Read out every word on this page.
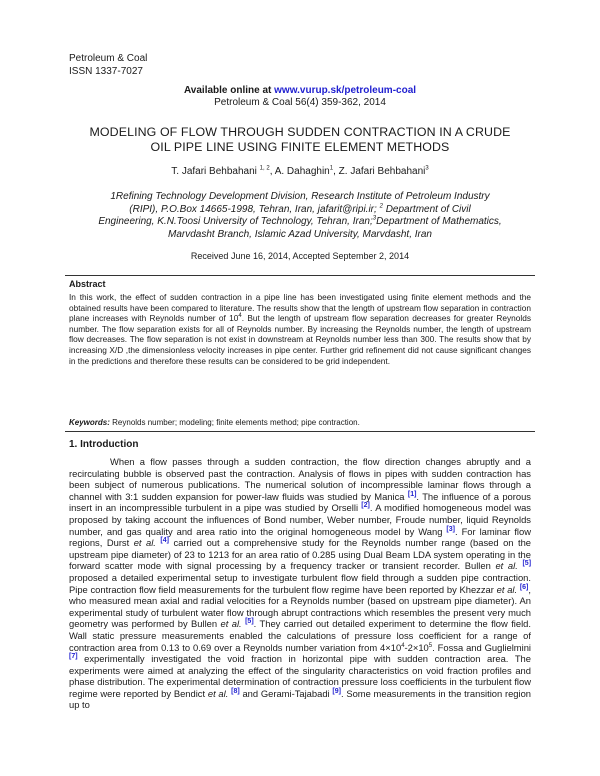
Petroleum & Coal
ISSN 1337-7027
Available online at www.vurup.sk/petroleum-coal
Petroleum & Coal 56(4) 359-362, 2014
MODELING OF FLOW THROUGH SUDDEN CONTRACTION IN A CRUDE OIL PIPE LINE USING FINITE ELEMENT METHODS
T. Jafari Behbahani $^{1, 2}$, A. Dahaghin$^1$, Z. Jafari Behbahani$^3$
1Refining Technology Development Division, Research Institute of Petroleum Industry
(RIPI), P.O.Box 14665-1998, Tehran, Iran, jafarit@ripi.ir; $^2$ Department of Civil
Engineering, K.N.Toosi University of Technology, Tehran, Iran;$^3$Department of Mathematics,
Marvdasht Branch, Islamic Azad University, Marvdasht, Iran
Received June 16, 2014, Accepted September 2, 2014
Abstract
In this work, the effect of sudden contraction in a pipe line has been investigated using finite element methods and the obtained results have been compared to literature. The results show that the length of upstream flow separation in contraction plane increases with Reynolds number of $10^4$. But the length of upstream flow separation decreases for greater Reynolds number. The flow separation exists for all of Reynolds number. By increasing the Reynolds number, the length of upstream flow decreases. The flow separation is not exist in downstream at Reynolds number less than 300. The results show that by increasing X/D ,the dimensionless velocity increases in pipe center. Further grid refinement did not cause significant changes in the predictions and therefore these results can be considered to be grid independent.
Keywords: Reynolds number; modeling; finite elements method; pipe contraction.
1. Introduction

When a flow passes through a sudden contraction, the flow direction changes abruptly and a recirculating bubble is observed past the contraction. Analysis of flows in pipes with sudden contraction has been subject of numerous publications. The numerical solution of incompressible laminar flows through a channel with 3:1 sudden expansion for power-law fluids was studied by Manica [1]. The influence of a porous insert in an incompressible turbulent in a pipe was studied by Orselli [2]. A modified homogeneous model was proposed by taking account the influences of Bond number, Weber number, Froude number, liquid Reynolds number, and gas quality and area ratio into the original homogeneous model by Wang [3]. For laminar flow regions, Durst et al. [4] carried out a comprehensive study for the Reynolds number range (based on the upstream pipe diameter) of 23 to 1213 for an area ratio of 0.285 using Dual Beam LDA system operating in the forward scatter mode with signal processing by a frequency tracker or transient recorder. Bullen et al. [5] proposed a detailed experimental setup to investigate turbulent flow field through a sudden pipe contraction. Pipe contraction flow field measurements for the turbulent flow regime have been reported by Khezzar et al. [6], who measured mean axial and radial velocities for a Reynolds number (based on upstream pipe diameter). An experimental study of turbulent water flow through abrupt contractions which resembles the present very much geometry was performed by Bullen et al. [5]. They carried out detailed experiment to determine the flow field. Wall static pressure measurements enabled the calculations of pressure loss coefficient for a range of contraction area from 0.13 to 0.69 over a Reynolds number variation from $4\times 10^4-2\times 10^5$. Fossa and Guglielmini [7] experimentally investigated the void fraction in horizontal pipe with sudden contraction area. The experiments were aimed at analyzing the effect of the singularity characteristics on void fraction profiles and phase distribution. The experimental determination of contraction pressure loss coefficients in the turbulent flow regime were reported by Bendict et al. [8] and Gerami-Tajabadi [9]. Some measurements in the transition region up to
